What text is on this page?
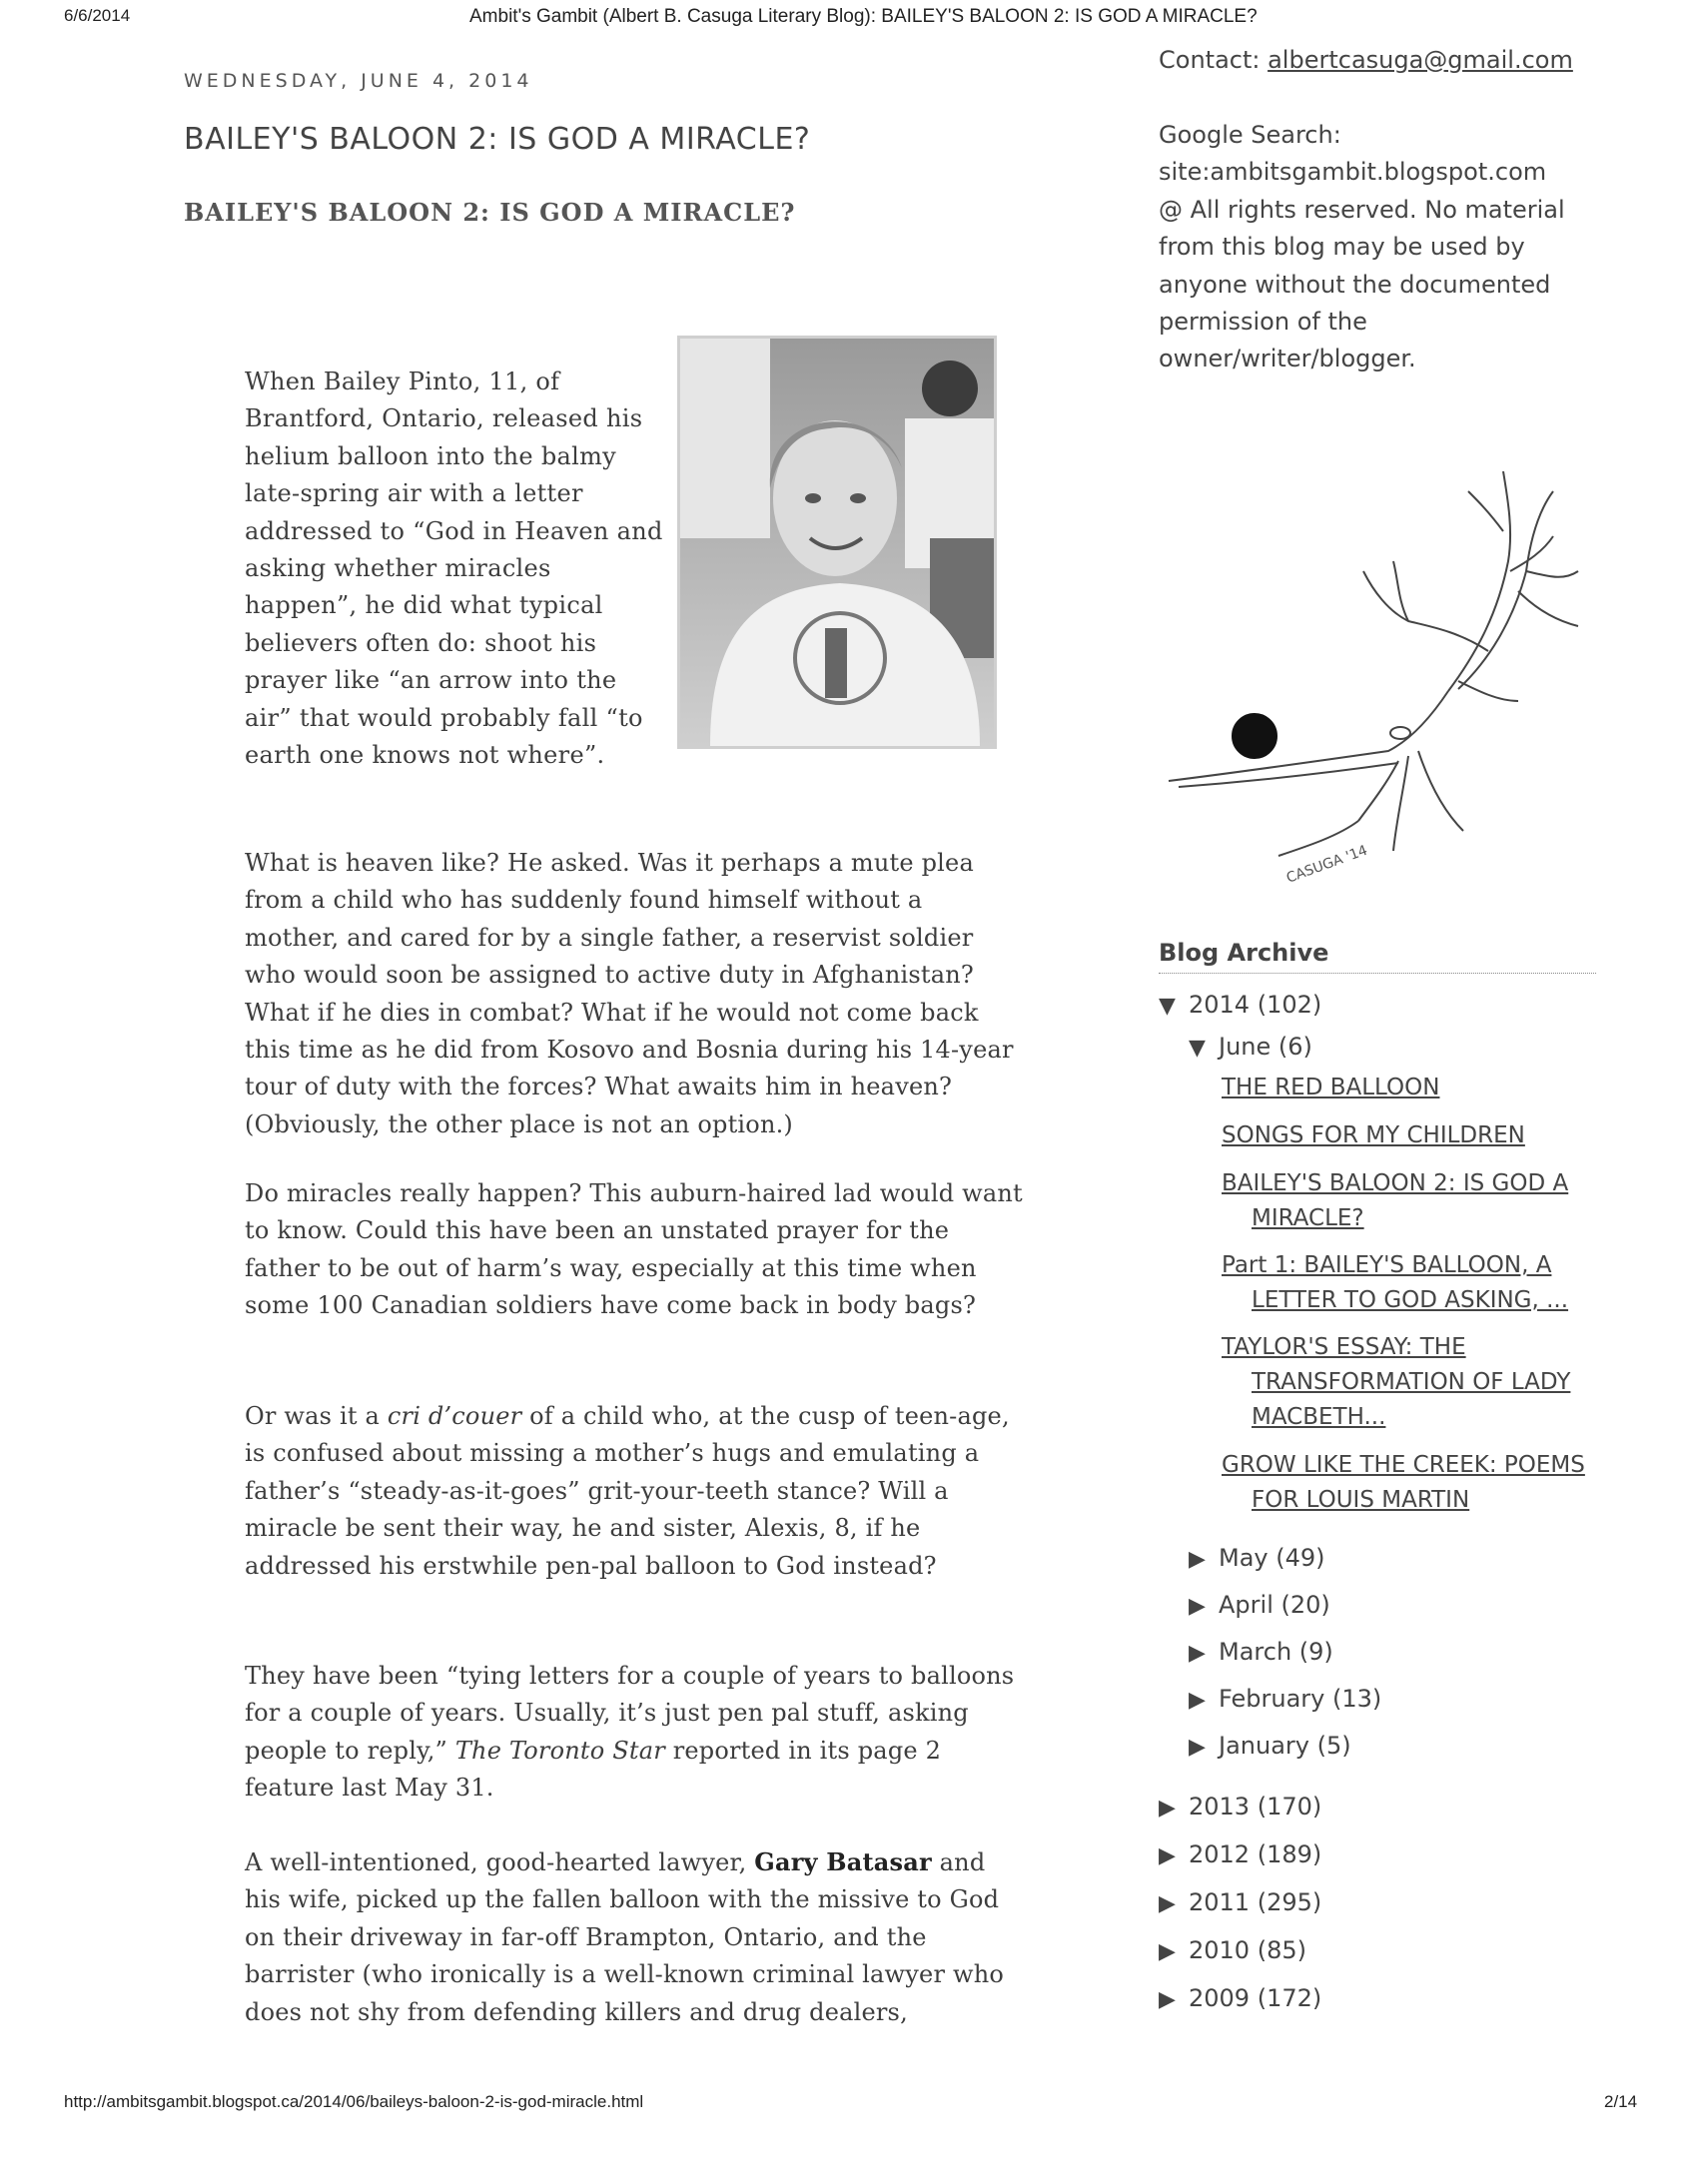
6/6/2014	Ambit's Gambit (Albert B. Casuga Literary Blog): BAILEY'S BALOON 2: IS GOD A MIRACLE?
http://ambitsgambit.blogspot.ca/2014/06/baileys-baloon-2-is-god-miracle.html	2/14
WEDNESDAY, JUNE 4, 2014
BAILEY'S BALOON 2: IS GOD A MIRACLE?
BAILEY'S BALOON 2: IS GOD A MIRACLE?

When Bailey Pinto, 11, of Brantford, Ontario, released his helium balloon into the balmy late-spring air with a letter addressed to “God in Heaven and asking whether miracles happen”, he did what typical believers often do: shoot his prayer like “an arrow into the air” that would probably fall “to earth one knows not where”.

What is heaven like? He asked. Was it perhaps a mute plea from a child who has suddenly found himself without a mother, and cared for by a single father, a reservist soldier who would soon be assigned to active duty in Afghanistan? What if he dies in combat? What if he would not come back this time as he did from Kosovo and Bosnia during his 14-year tour of duty with the forces? What awaits him in heaven? (Obviously, the other place is not an option.)

Do miracles really happen? This auburn-haired lad would want to know. Could this have been an unstated prayer for the father to be out of harm’s way, especially at this time when some 100 Canadian soldiers have come back in body bags?

Or was it a cri d’couer of a child who, at the cusp of teen-age, is confused about missing a mother’s hugs and emulating a father’s “steady-as-it-goes” grit-your-teeth stance? Will a miracle be sent their way, he and sister, Alexis, 8, if he addressed his erstwhile pen-pal balloon to God instead?

They have been “tying letters for a couple of years to balloons for a couple of years. Usually, it’s just pen pal stuff, asking people to reply,” The Toronto Star reported in its page 2 feature last May 31.

A well-intentioned, good-hearted lawyer, Gary Batasar and his wife, picked up the fallen balloon with the missive to God on their driveway in far-off Brampton, Ontario, and the barrister (who ironically is a well-known criminal lawyer who does not shy from defending killers and drug dealers,

Contact: albertcasuga@gmail.com
Google Search:
site:ambitsgambit.blogspot.com
@ All rights reserved. No material
from this blog may be used by
anyone without the documented
permission of the
owner/writer/blogger.
CASUGA '14
Blog Archive
▼ 2014 (102)
▼ June (6)
THE RED BALLOON
SONGS FOR MY CHILDREN
BAILEY'S BALOON 2: IS GOD A MIRACLE?
Part 1: BAILEY'S BALLOON, A LETTER TO GOD ASKING, ...
TAYLOR'S ESSAY: THE TRANSFORMATION OF LADY MACBETH...
GROW LIKE THE CREEK: POEMS FOR LOUIS MARTIN
▶ May (49)
▶ April (20)
▶ March (9)
▶ February (13)
▶ January (5)
▶ 2013 (170)
▶ 2012 (189)
▶ 2011 (295)
▶ 2010 (85)
▶ 2009 (172)
